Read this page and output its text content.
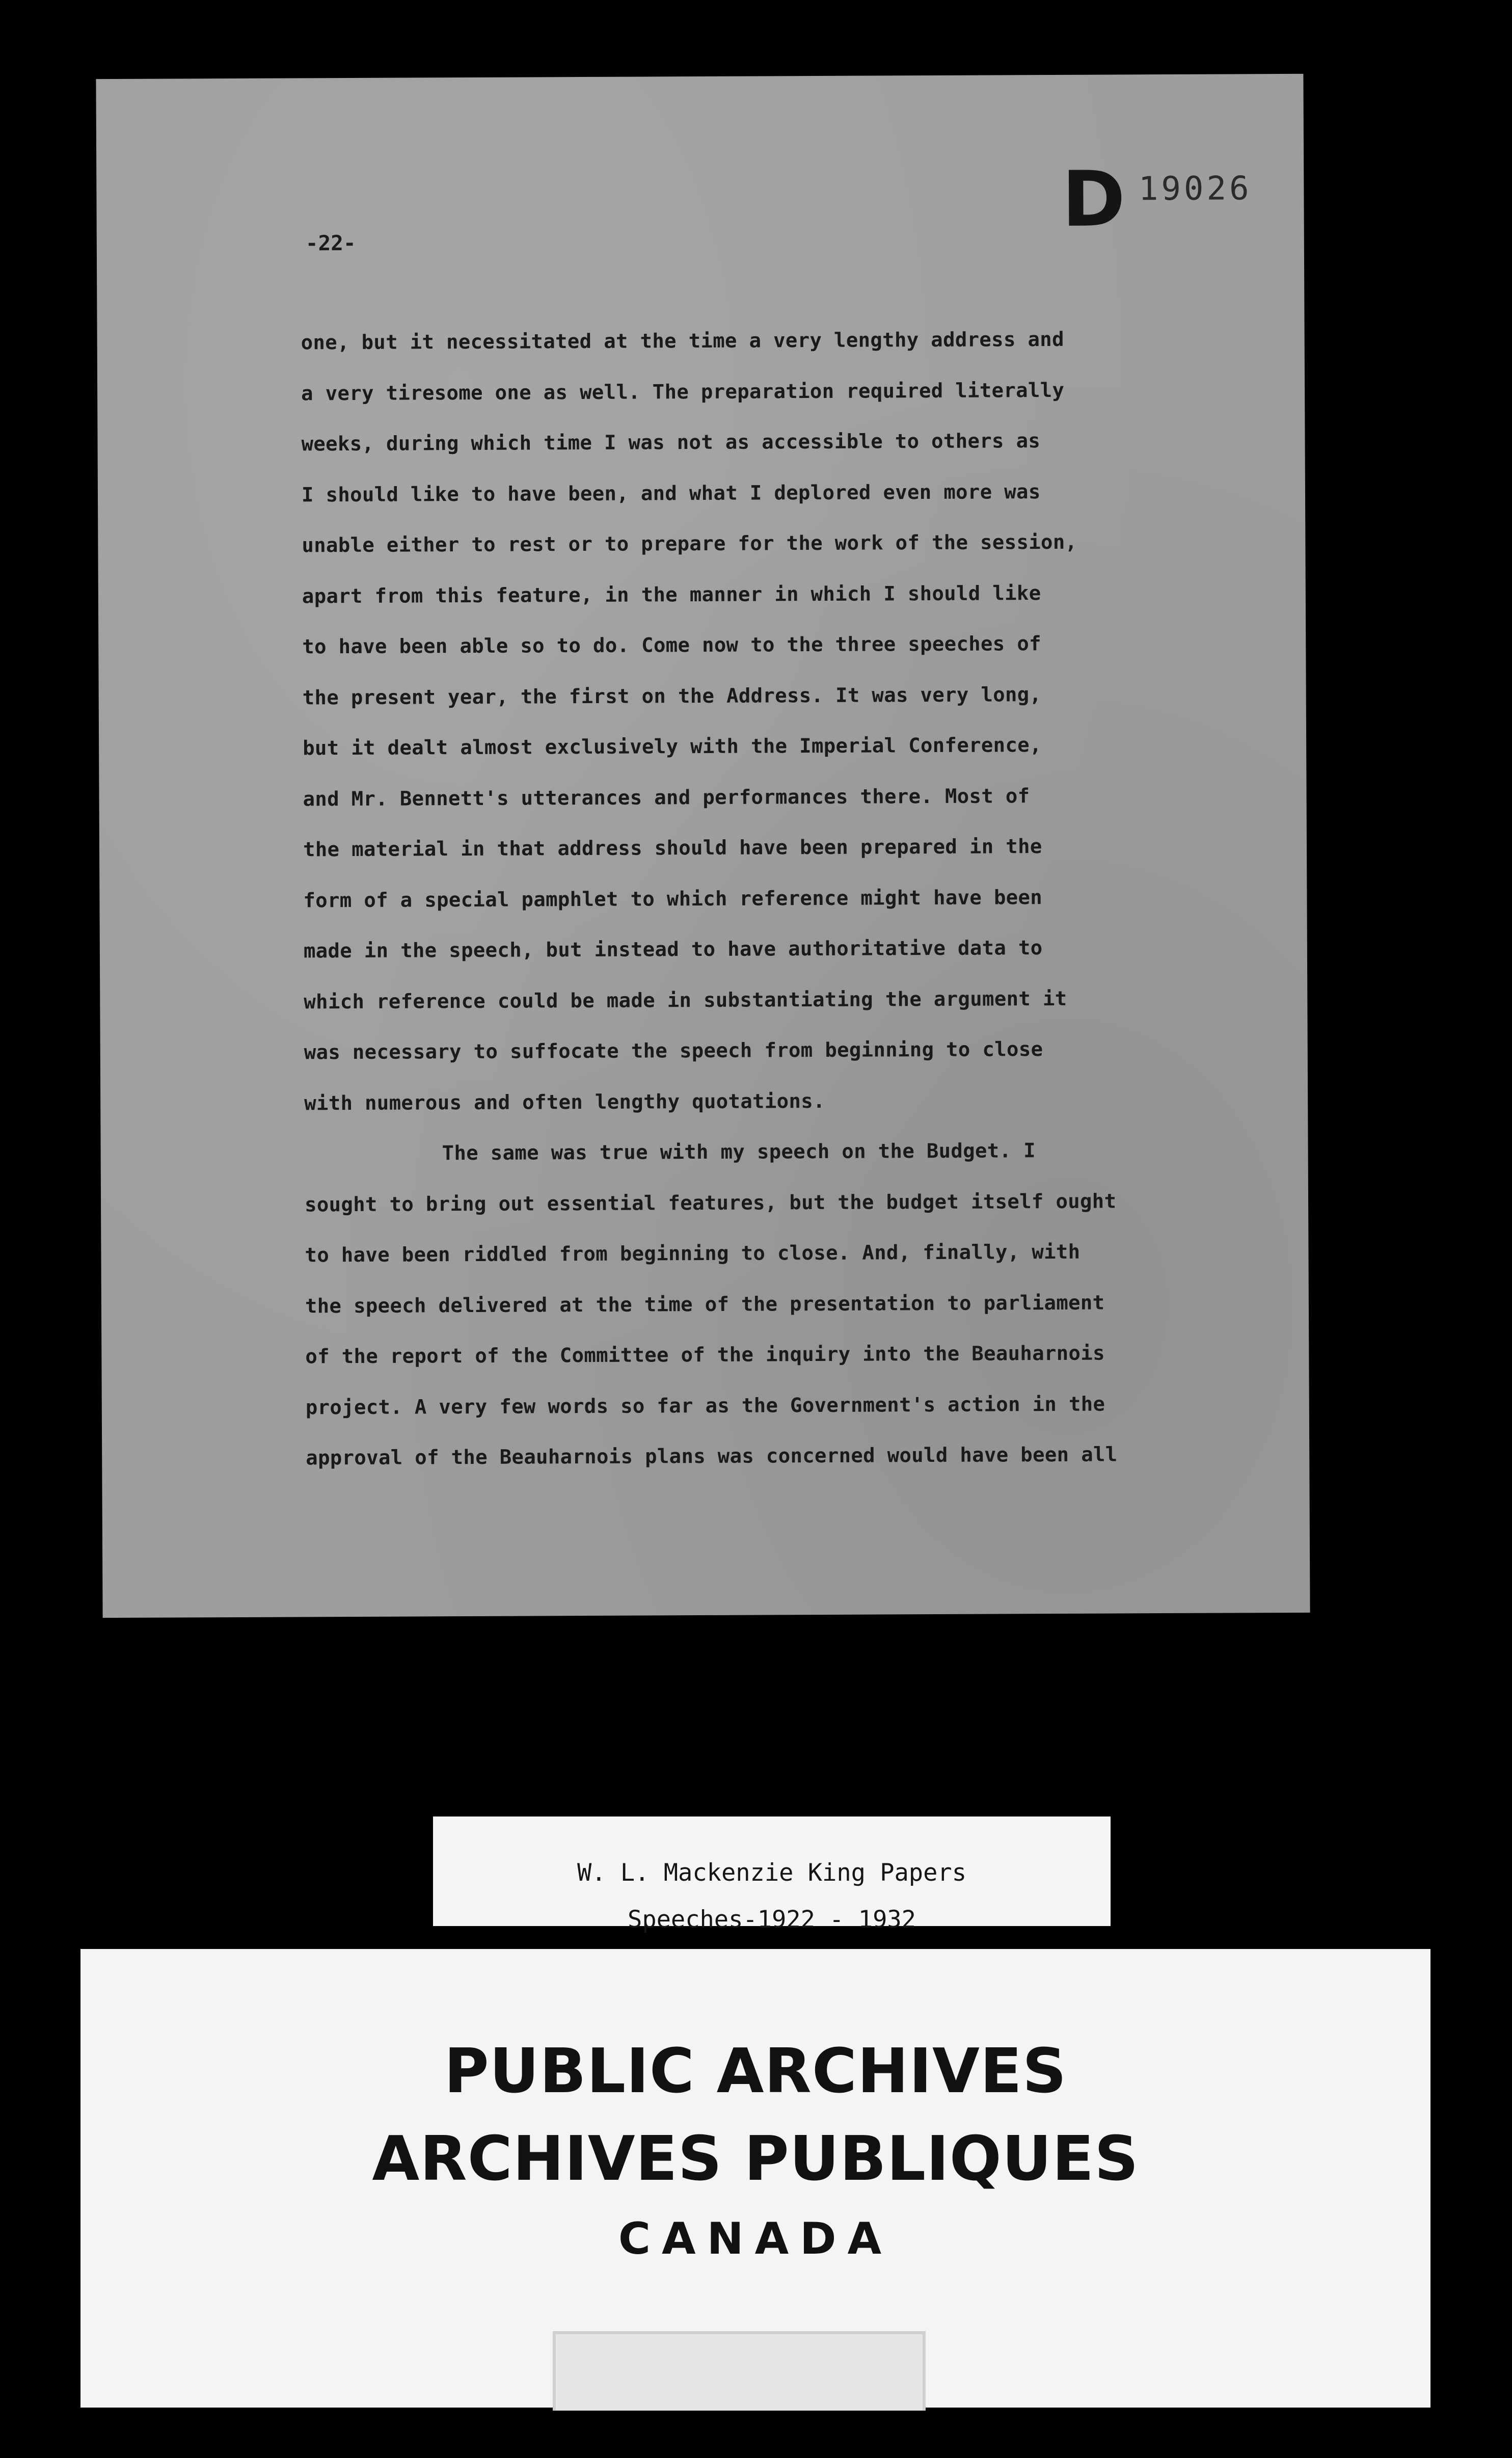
D 19026
-22-
one, but it necessitated at the time a very lengthy address and
a very tiresome one as well. The preparation required literally
weeks, during which time I was not as accessible to others as
I should like to have been, and what I deplored even more was
unable either to rest or to prepare for the work of the session,
apart from this feature, in the manner in which I should like
to have been able so to do. Come now to the three speeches of
the present year, the first on the Address. It was very long,
but it dealt almost exclusively with the Imperial Conference,
and Mr. Bennett's utterances and performances there. Most of
the material in that address should have been prepared in the
form of a special pamphlet to which reference might have been
made in the speech, but instead to have authoritative data to
which reference could be made in substantiating the argument it
was necessary to suffocate the speech from beginning to close
with numerous and often lengthy quotations.
The same was true with my speech on the Budget. I
sought to bring out essential features, but the budget itself ought
to have been riddled from beginning to close. And, finally, with
the speech delivered at the time of the presentation to parliament
of the report of the Committee of the inquiry into the Beauharnois
project. A very few words so far as the Government's action in the
approval of the Beauharnois plans was concerned would have been all
W. L. Mackenzie King Papers
Speeches-1922 - 1932
PUBLIC ARCHIVES
ARCHIVES PUBLIQUES
CANADA
